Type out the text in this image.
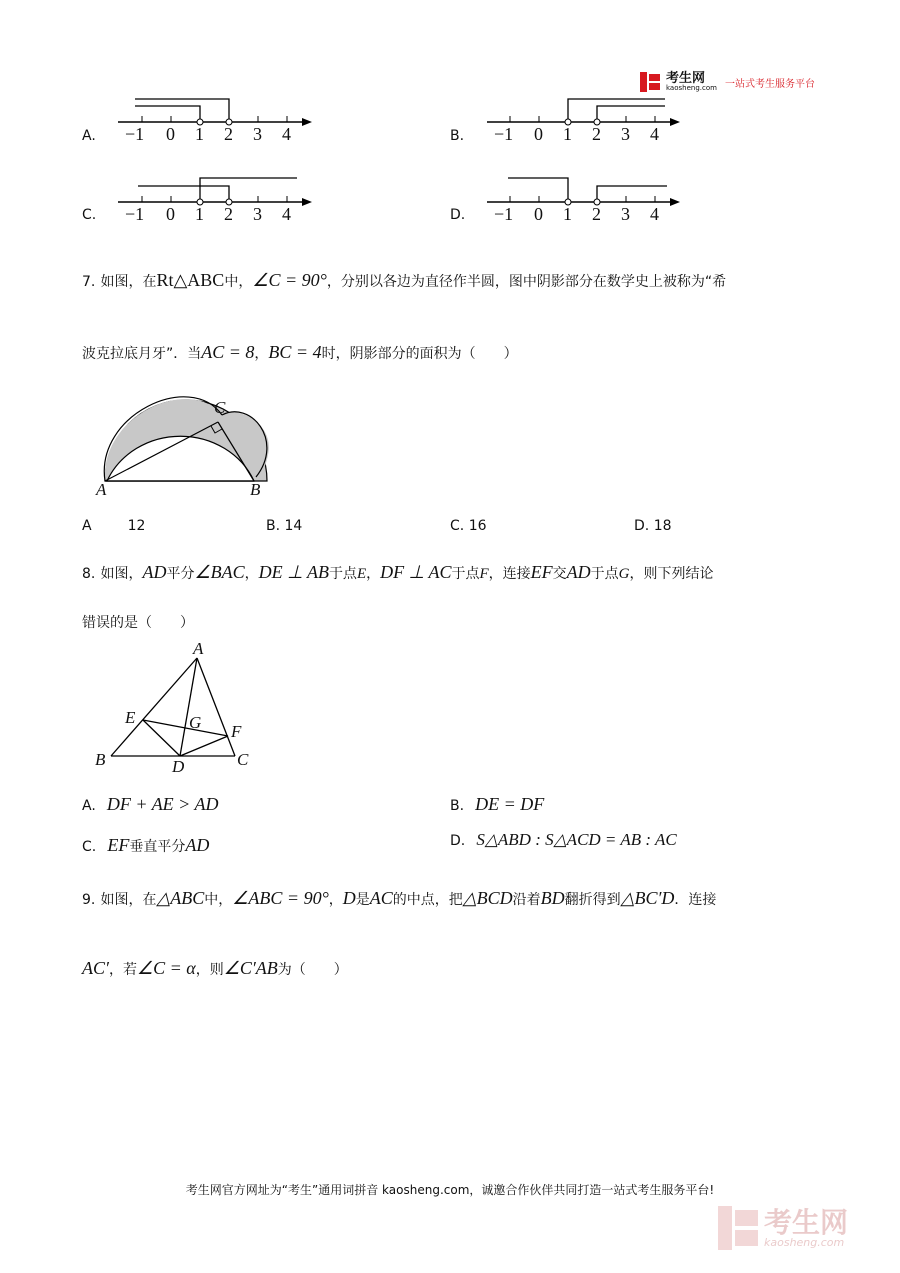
考生网
kaosheng.com 一站式考生服务平台
A.	B.
C.	D.
−1 0 1 2 3 4	−1 0 1 2 3 4
−1 0 1 2 3 4	−1 0 1 2 3 4
7. 如图，在Rt△ABC中，∠C = 90°，分别以各边为直径作半圆，图中阴影部分在数学史上被称为“希
波克拉底月牙”．当AC = 8，BC = 4时，阴影部分的面积为（　　）
A	B
C
A	12	B. 14	C. 16	D. 18
8. 如图，AD平分∠BAC，DE ⊥ AB于点E，DF ⊥ AC于点F，连接EF交AD于点G，则下列结论
错误的是（　　）
A
B	C
D
E
F
G
A. DF + AE > AD	B. DE = DF
C. EF垂直平分AD	D. S△ABD : S△ACD = AB : AC
9. 如图，在△ABC中，∠ABC = 90°，D是AC的中点，把△BCD沿着BD翻折得到△BC′D．连接
AC′，若∠C = α，则∠C′AB为（　　）
考生网官方网址为“考生”通用词拼音 kaosheng.com，诚邀合作伙伴共同打造一站式考生服务平台!
考生网
kaosheng.com
